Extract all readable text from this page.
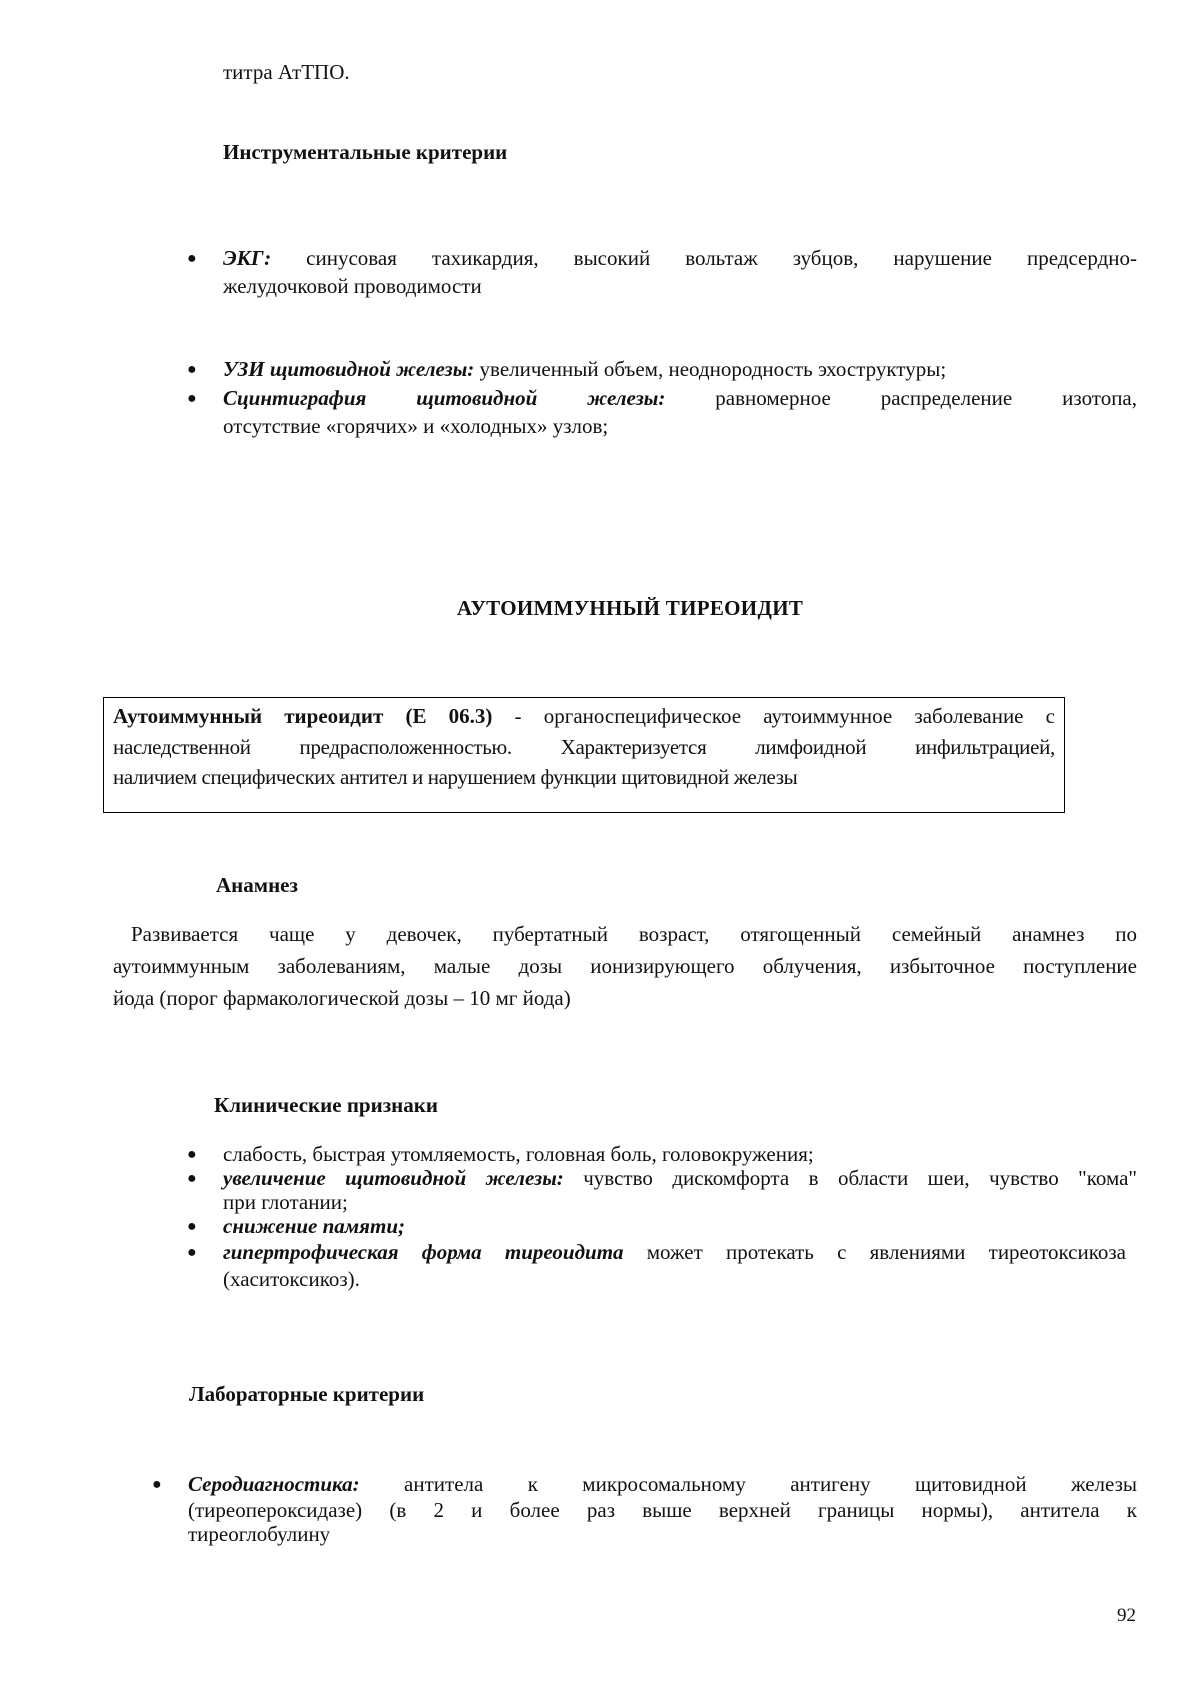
титра АтТПО.
Инструментальные критерии
● ЭКГ: синусовая тахикардия, высокий вольтаж зубцов, нарушение предсердно-
желудочковой проводимости
● УЗИ щитовидной железы: увеличенный объем, неоднородность эхоструктуры;
● Сцинтиграфия щитовидной железы: равномерное распределение изотопа,
отсутствие «горячих» и «холодных» узлов;
АУТОИММУННЫЙ ТИРЕОИДИТ
Аутоиммунный тиреоидит (Е 06.3) - органоспецифическое аутоиммунное заболевание с
наследственной предрасположенностью. Характеризуется лимфоидной инфильтрацией,
наличием специфических антител и нарушением функции щитовидной железы
Анамнез
Развивается чаще у девочек, пубертатный возраст, отягощенный семейный анамнез по
аутоиммунным заболеваниям, малые дозы ионизирующего облучения, избыточное поступление
йода (порог фармакологической дозы – 10 мг йода)
Клинические признаки
● слабость, быстрая утомляемость, головная боль, головокружения;
● увеличение щитовидной железы: чувство дискомфорта в области шеи, чувство "кома"
при глотании;
● снижение памяти;
● гипертрофическая форма тиреоидита может протекать с явлениями тиреотоксикоза
(хаситоксикоз).
Лабораторные критерии
● Серодиагностика: антитела к микросомальному антигену щитовидной железы
(тиреопероксидазе) (в 2 и более раз выше верхней границы нормы), антитела к
тиреоглобулину
92
